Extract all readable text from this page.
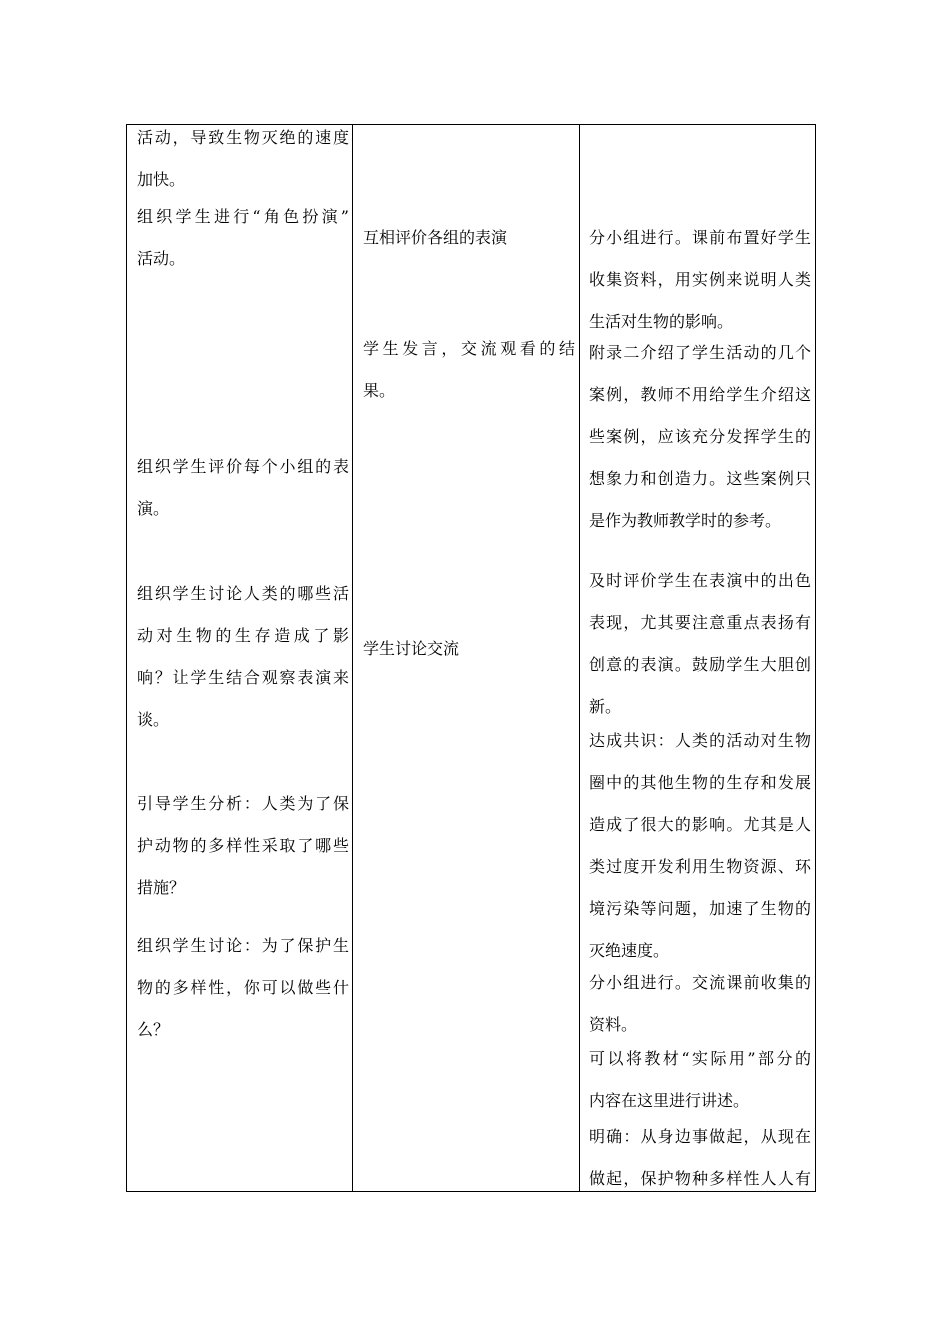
活动，导致生物灭绝的速度
加快。
组织学生进行“角色扮演”
活动。
组织学生评价每个小组的表
演。
组织学生讨论人类的哪些活
动对生物的生存造成了影
响？让学生结合观察表演来
谈。
引导学生分析：人类为了保
护动物的多样性采取了哪些
措施？
组织学生讨论：为了保护生
物的多样性，你可以做些什
么？
互相评价各组的表演
学生发言，交流观看的结
果。
学生讨论交流
分小组进行。课前布置好学生
收集资料，用实例来说明人类
生活对生物的影响。
附录二介绍了学生活动的几个
案例，教师不用给学生介绍这
些案例，应该充分发挥学生的
想象力和创造力。这些案例只
是作为教师教学时的参考。
及时评价学生在表演中的出色
表现，尤其要注意重点表扬有
创意的表演。鼓励学生大胆创
新。
达成共识：人类的活动对生物
圈中的其他生物的生存和发展
造成了很大的影响。尤其是人
类过度开发利用生物资源、环
境污染等问题，加速了生物的
灭绝速度。
分小组进行。交流课前收集的
资料。
可以将教材“实际用”部分的
内容在这里进行讲述。
明确：从身边事做起，从现在
做起，保护物种多样性人人有
